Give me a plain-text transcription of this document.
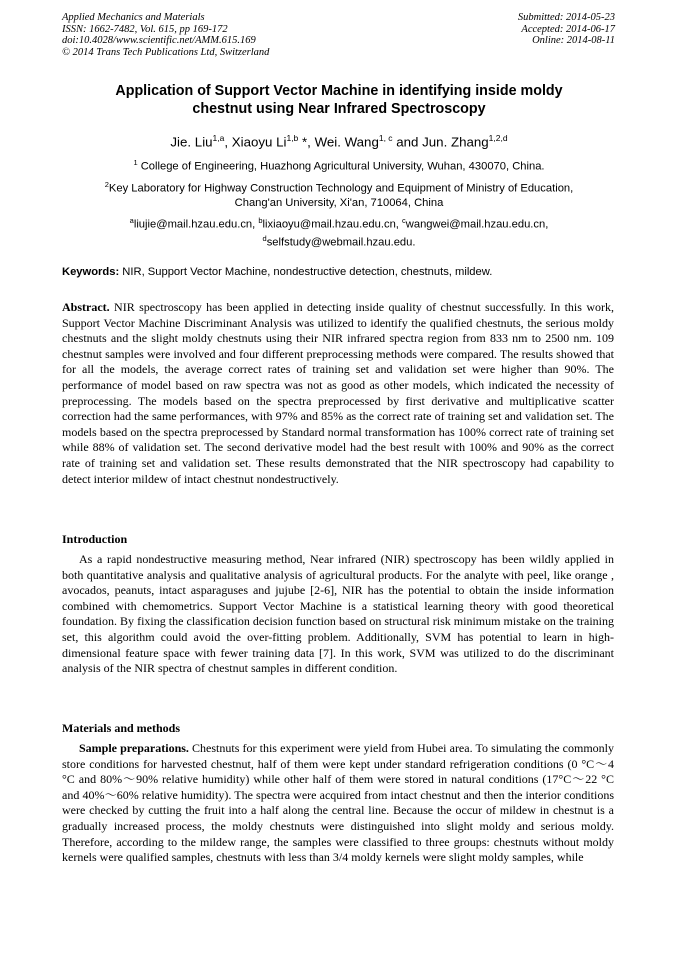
Applied Mechanics and Materials
ISSN: 1662-7482, Vol. 615, pp 169-172
doi:10.4028/www.scientific.net/AMM.615.169
© 2014 Trans Tech Publications Ltd, Switzerland
Submitted: 2014-05-23
Accepted: 2014-06-17
Online: 2014-08-11
Application of Support Vector Machine in identifying inside moldy
chestnut using Near Infrared Spectroscopy
Jie. Liu$^{1,a}$, Xiaoyu Li$^{1,b}$ *, Wei. Wang$^{1, c}$ and Jun. Zhang$^{1,2,d}$
$^1$ College of Engineering, Huazhong Agricultural University, Wuhan, 430070, China.
$^2$Key Laboratory for Highway Construction Technology and Equipment of Ministry of Education,
Chang'an University, Xi'an, 710064, China
$^a$liujie@mail.hzau.edu.cn, $^b$lixiaoyu@mail.hzau.edu.cn, $^c$wangwei@mail.hzau.edu.cn,
$^d$selfstudy@webmail.hzau.edu.
Keywords: NIR, Support Vector Machine, nondestructive detection, chestnuts, mildew.
Abstract. NIR spectroscopy has been applied in detecting inside quality of chestnut successfully. In this work, Support Vector Machine Discriminant Analysis was utilized to identify the qualified chestnuts, the serious moldy chestnuts and the slight moldy chestnuts using their NIR infrared spectra region from 833 nm to 2500 nm. 109 chestnut samples were involved and four different preprocessing methods were compared. The results showed that for all the models, the average correct rates of training set and validation set were higher than 90%. The performance of model based on raw spectra was not as good as other models, which indicated the necessity of preprocessing. The models based on the spectra preprocessed by first derivative and multiplicative scatter correction had the same performances, with 97% and 85% as the correct rate of training set and validation set. The models based on the spectra preprocessed by Standard normal transformation has 100% correct rate of training set while 88% of validation set. The second derivative model had the best result with 100% and 90% as the correct rate of training set and validation set. These results demonstrated that the NIR spectroscopy had capability to detect interior mildew of intact chestnut nondestructively.
Introduction
As a rapid nondestructive measuring method, Near infrared (NIR) spectroscopy has been wildly applied in both quantitative analysis and qualitative analysis of agricultural products. For the analyte with peel, like orange , avocados, peanuts, intact asparaguses and jujube [2-6], NIR has the potential to obtain the inside information combined with chemometrics. Support Vector Machine is a statistical learning theory with good theoretical foundation. By fixing the classification decision function based on structural risk minimum mistake on the training set, this algorithm could avoid the over-fitting problem. Additionally, SVM has potential to learn in high-dimensional feature space with fewer training data [7]. In this work, SVM was utilized to do the discriminant analysis of the NIR spectra of chestnut samples in different condition.
Materials and methods
Sample preparations. Chestnuts for this experiment were yield from Hubei area. To simulating the commonly store conditions for harvested chestnut, half of them were kept under standard refrigeration conditions (0 °C～4 °C and 80%～90% relative humidity) while other half of them were stored in natural conditions (17°C～22 °C and 40%～60% relative humidity). The spectra were acquired from intact chestnut and then the interior conditions were checked by cutting the fruit into a half along the central line. Because the occur of mildew in chestnut is a gradually increased process, the moldy chestnuts were distinguished into slight moldy and serious moldy. Therefore, according to the mildew range, the samples were classified to three groups: chestnuts without moldy kernels were qualified samples, chestnuts with less than 3/4 moldy kernels were slight moldy samples, while
